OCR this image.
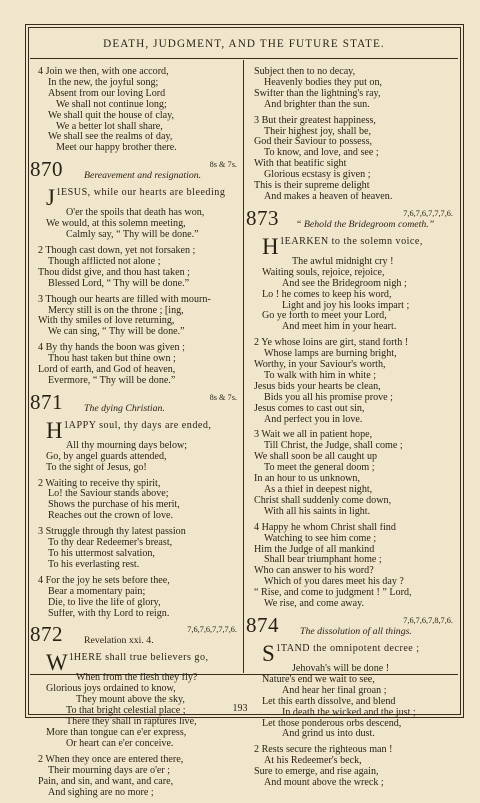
DEATH, JUDGMENT, AND THE FUTURE STATE.
4 Join we then, with one accord,
In the new, the joyful song;
Absent from our loving Lord
We shall not continue long;
We shall quit the house of clay,
We a better lot shall share,
We shall see the realms of day,
Meet our happy brother there.
870	8s & 7s.
Bereavement and resignation.
1
J ESUS, while our hearts are bleeding
O'er the spoils that death has won,
We would, at this solemn meeting,
Calmly say, “ Thy will be done.”
2 Though cast down, yet not forsaken ;
Though afflicted not alone ;
Thou didst give, and thou hast taken ;
Blessed Lord, “ Thy will be done.”
3 Though our hearts are filled with mourn-
Mercy still is on the throne ; [ing,
With thy smiles of love returning,
We can sing, “ Thy will be done.”
4 By thy hands the boon was given ;
Thou hast taken but thine own ;
Lord of earth, and God of heaven,
Evermore, “ Thy will be done.”
871	8s & 7s.
The dying Christian.
1
H APPY soul, thy days are ended,
All thy mourning days below;
Go, by angel guards attended,
To the sight of Jesus, go!
2 Waiting to receive thy spirit,
Lo! the Saviour stands above;
Shows the purchase of his merit,
Reaches out the crown of love.
3 Struggle through thy latest passion
To thy dear Redeemer's breast,
To his uttermost salvation,
To his everlasting rest.
4 For the joy he sets before thee,
Bear a momentary pain;
Die, to live the life of glory,
Suffer, with thy Lord to reign.
872	7,6,7,6,7,7,7,6.
Revelation xxi. 4.
1
W HERE shall true believers go,
When from the flesh they fly?
Glorious joys ordained to know,
They mount above the sky,
To that bright celestial place ;
There they shall in raptures live,
More than tongue can e'er express,
Or heart can e'er conceive.
2 When they once are entered there,
Their mourning days are o'er ;
Pain, and sin, and want, and care,
And sighing are no more ;
Subject then to no decay,
Heavenly bodies they put on,
Swifter than the lightning's ray,
And brighter than the sun.
3 But their greatest happiness,
Their highest joy, shall be,
God their Saviour to possess,
To know, and love, and see ;
With that beatific sight
Glorious ecstasy is given ;
This is their supreme delight
And makes a heaven of heaven.
873	7,6,7,6,7,7,7,6.
“ Behold the Bridegroom cometh.”
1
H EARKEN to the solemn voice,
The awful midnight cry !
Waiting souls, rejoice, rejoice,
And see the Bridegroom nigh ;
Lo ! he comes to keep his word,
Light and joy his looks impart ;
Go ye forth to meet your Lord,
And meet him in your heart.
2 Ye whose loins are girt, stand forth !
Whose lamps are burning bright,
Worthy, in your Saviour's worth,
To walk with him in white ;
Jesus bids your hearts be clean,
Bids you all his promise prove ;
Jesus comes to cast out sin,
And perfect you in love.
3 Wait we all in patient hope,
Till Christ, the Judge, shall come ;
We shall soon be all caught up
To meet the general doom ;
In an hour to us unknown,
As a thief in deepest night,
Christ shall suddenly come down,
With all his saints in light.
4 Happy he whom Christ shall find
Watching to see him come ;
Him the Judge of all mankind
Shall bear triumphant home ;
Who can answer to his word?
Which of you dares meet his day ?
“ Rise, and come to judgment ! ” Lord,
We rise, and come away.
874	7,6,7,6,7,8,7,6.
The dissolution of all things.
1
S TAND the omnipotent decree ;
Jehovah's will be done !
Nature's end we wait to see,
And hear her final groan ;
Let this earth dissolve, and blend
In death the wicked and the just ;
Let those ponderous orbs descend,
And grind us into dust.
2 Rests secure the righteous man !
At his Redeemer's beck,
Sure to emerge, and rise again,
And mount above the wreck ;
193
